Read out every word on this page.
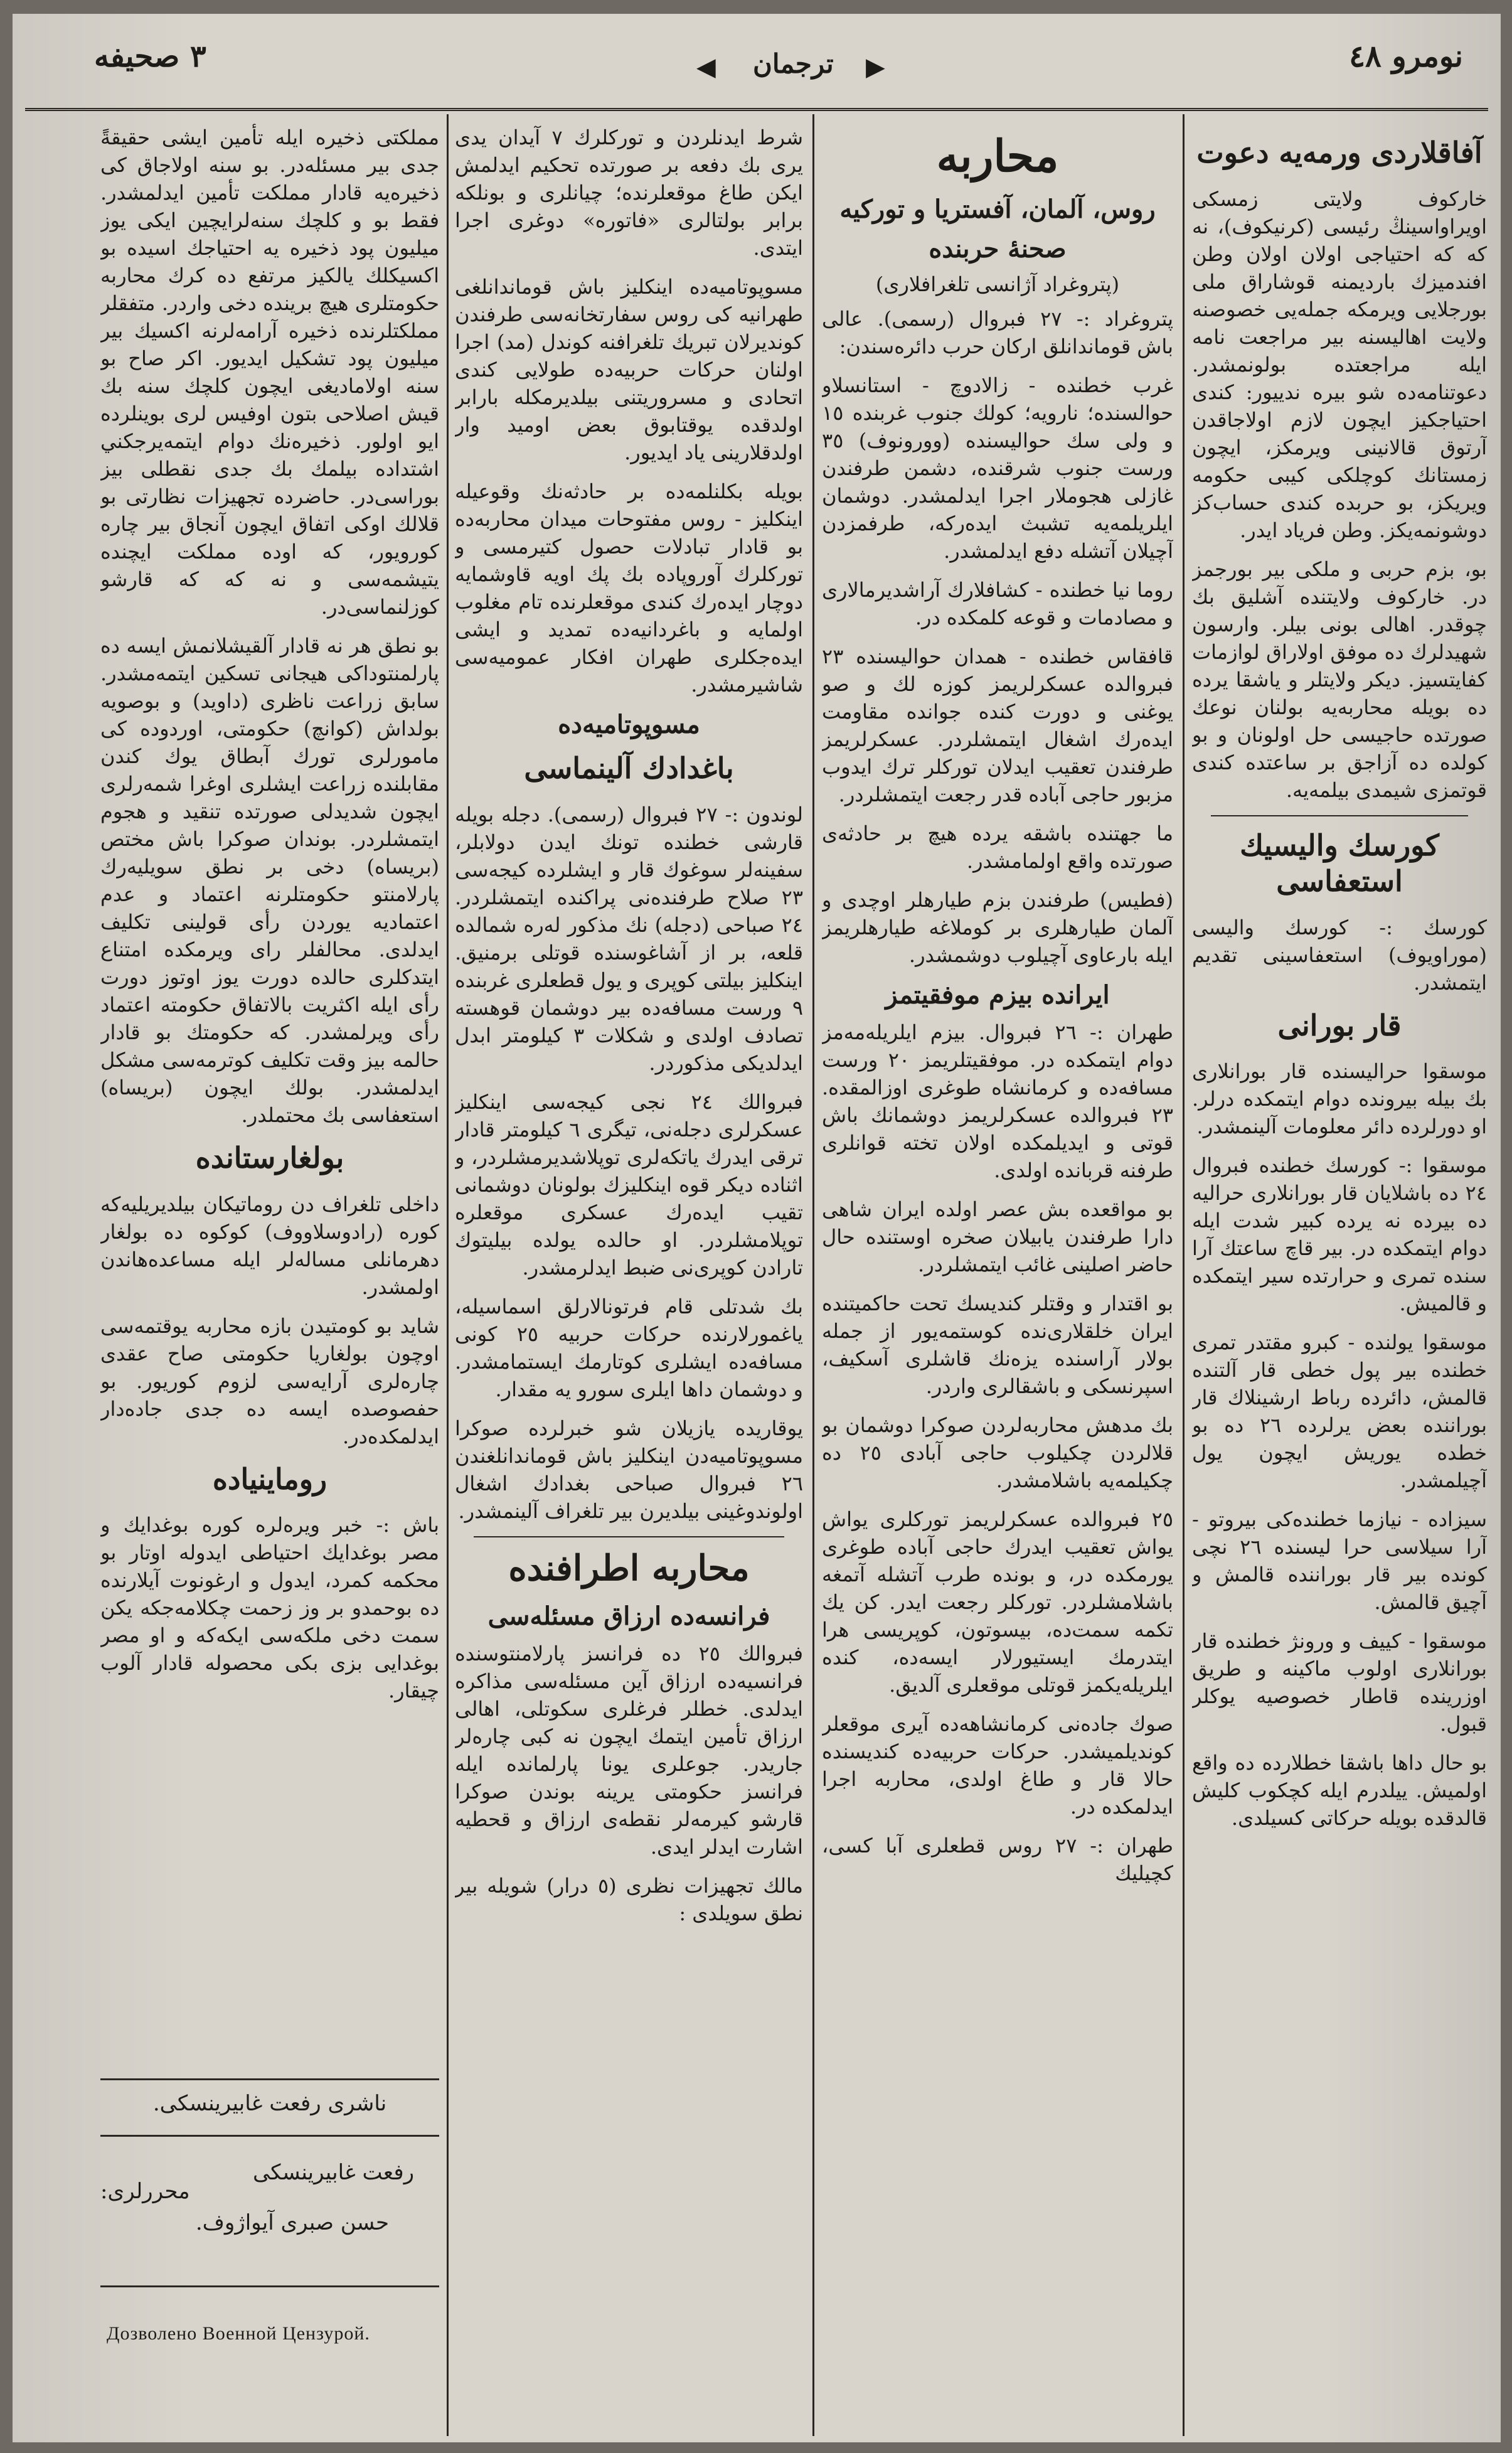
٣ صحيفه	◀ ترجمان ▶	نومرو ٤٨
آفاقلاردى ورمه‌يه دعوت
خاركوف ولايتى زمسكى اويراواسينڭ رئيسى (كرنيكوف)، نه كه كه احتياجى اولان اولان وطن افندميزك بارديمنه قوشاراق ملى بورجلايى ويرمكه جمله‌يى خصوصنه ولايت اهاليسنه بير مراجعت نامه ايله مراجعتده بولونمشدر. دعوتنامه‌ده شو بيره ندييور: كندى احتياجكيز ايچون لازم اولاجاقدن آرتوق قالانينى ويرمكز، ايچون زمستانك كوچلكى كيبى حكومه ويريكز، بو حربده كندى حساب‌كز دوشونمه‌يكز. وطن فرياد ايدر.
بو، بزم حربى و ملكى بير بورجمز در. خاركوف ولايتنده آشليق بك چوقدر. اهالى بونى بيلر. وارسون شهيدلرك ده موفق اولاراق لوازمات كفايتسيز. ديكر ولايتلر و ياشقا يرده ده بويله محاربه‌يه بولنان نوعك صورتده حاجيسى حل اولونان و بو كولده ده آزاجق بر ساعتده كندى قوتمزى شيمدى بيلمه‌يه.
كورسك واليسيك استعفاسى
كورسك :- كورسك واليسى (موراويوف) استعفاسينى تقديم ايتمشدر.
قار بورانى
موسقوا حراليسنده قار بورانلارى بك بيله بيرونده دوام ايتمكده درلر. او دورلرده دائر معلومات آلينمشدر.
موسقوا :- كورسك خطنده فبروال ٢٤ ده باشلايان قار بورانلارى حراليه ده بيرده نه يرده كبير شدت ايله دوام ايتمكده در. بير قاچ ساعتك آرا سنده تمرى و حرارتده سير ايتمكده و قالميش.
موسقوا يولنده - كبرو مقتدر تمرى خطنده بير پول خطى قار آلتنده قالمش، دائرده رباط ارشينلاك قار بوراننده بعض يرلرده ٢٦ ده بو خطده يوريش ايچون يول آچيلمشدر.
سيزاده - نيازما خطنده‌كى بيروتو - آرا سيلاسى حرا ليسنده ٢٦ نچى كونده بير قار بوراننده قالمش و آچيق قالمش.
موسقوا - كييف و ورونژ خطنده قار بورانلارى اولوب ماكينه و طريق اوزرينده قاطار خصوصيه يوكلر قبول.
بو حال داها باشقا خطلارده ده واقع اولميش. ييلدرم ايله كچكوب كليش قالدقده بويله حركاتى كسيلدى.
محاربه
روس، آلمان، آفستريا و توركيه
صحنهٔ حربنده
(پتروغراد آژانسى تلغرافلارى)
پتروغراد :- ٢٧ فبروال (رسمى). عالى باش قوماندانلق اركان حرب دائره‌سندن:
غرب خطنده - زالادوچ - استانسلاو حوالسنده؛ نارويه؛ كولك جنوب غربنده ١٥ و ولى سك حواليسنده (وورونوف) ٣٥ ورست جنوب شرقنده، دشمن طرفندن غازلى هجوملار اجرا ايدلمشدر. دوشمان ايلريلمه‌يه تشبث ايده‌ركه، طرفمزدن آچيلان آتشله دفع ايدلمشدر.
روما نيا خطنده - كشافلارك آراشديرمالارى و مصادمات و قوعه كلمكده در.
قافقاس خطنده - همدان حواليسنده ٢٣ فبروالده عسكرلريمز كوزه لك و صو يوغنى و دورت كنده جوانده مقاومت ايده‌رك اشغال ايتمشلردر. عسكرلريمز طرفندن تعقيب ايدلان توركلر ترك ايدوب مزبور حاجى آباده قدر رجعت ايتمشلردر.
ما جهتنده باشقه يرده هيچ بر حادثه‌ى صورتده واقع اولمامشدر.
(فطيس) طرفندن بزم طيارهلر اوچدى و آلمان طيارهلرى بر كوملاغه طيارهلريمز ايله بارعاوى آچيلوب دوشمشدر.
ايرانده بيزم موفقيتمز
طهران :- ٢٦ فبروال. بيزم ايلريله‌مه‌مز دوام ايتمكده در. موفقيتلريمز ٢٠ ورست مسافه‌ده و كرمانشاه طوغرى اوزالمقده. ٢٣ فبروالده عسكرلريمز دوشمانك باش قوتى و ايديلمكده اولان تخته قوانلرى طرفنه قربانده اولدى.
بو مواقعده بش عصر اولده ايران شاهى دارا طرفندن يابيلان صخره اوستنده حال حاضر اصلينى غائب ايتمشلردر.
بو اقتدار و وقتلر كنديسك تحت حاكميتنده ايران خلقلارى‌نده كوستمه‌يور از جمله بولار آراسنده يزه‌نك قاشلرى آسكيف، اسپرنسكى و باشقالرى واردر.
بك مدهش محاربه‌لردن صوكرا دوشمان بو قلالردن چكيلوب حاجى آبادى ٢٥ ده چكيلمه‌يه باشلامشدر.
٢٥ فبروالده عسكرلريمز توركلرى يواش يواش تعقيب ايدرك حاجى آباده طوغرى يورمكده در، و بونده طرب آتشله آتمغه باشلامشلردر. توركلر رجعت ايدر. كن يك تكمه سمت‌ده، بيسوتون، كوپريسى هرا ايتدرمك ايستيورلار ايسه‌ده، كنده ايلريله‌يكمز قوتلى موقعلرى آلديق.
صوك جاده‌نى كرمانشاهه‌ده آيرى موقعلر كونديلميشدر. حركات حربيه‌ده كنديسنده حالا قار و طاغ اولدى، محاربه اجرا ايدلمكده در.
طهران :- ٢٧ روس قطعلرى آبا كسى، كچيليك
شرط ايدنلردن و توركلرك ٧ آيدان يدى يرى بك دفعه بر صورتده تحكيم ايدلمش ايكن طاغ موقعلرنده؛ چيانلرى و بونلكه برابر بولتالرى «فاتوره» دوغرى اجرا ايتدى.
مسوپوتاميه‌ده اينكليز باش قوماندانلغى طهرانيه كى روس سفارتخانه‌سى طرفندن كونديرلان تبريك تلغرافنه كوندل (مد) اجرا اولنان حركات حربيه‌ده طولايى كندى اتحادى و مسروريتنى بيلديرمكله بارابر اولدقده يوقتابوق بعض اوميد وار اولدقلارينى ياد ايديور.
بويله بكلنلمه‌ده بر حادثه‌نك وقوعيله اينكليز - روس مفتوحات ميدان محاربه‌ده بو قادار تبادلات حصول كتيرمسى و توركلرك آوروپاده بك پك اويه قاوشمايه دوچار ايده‌رك كندى موقعلرنده تام مغلوب اولمايه و باغردانيه‌ده تمديد و ايشى ايده‌جكلرى طهران افكار عموميه‌سى شاشيرمشدر.
مسوپوتاميه‌ده
باغدادك آلينماسى
لوندون :- ٢٧ فبروال (رسمى). دجله بويله قارشى خطنده تونك ايدن دولابلر، سفينه‌لر سوغوك قار و ايشلرده كيجه‌سى ٢٣ صلاح طرفنده‌نى پراكنده ايتمشلردر. ٢٤ صباحى (دجله) نك مذكور له‌ره شمالده قلعه، بر از آشاغوسنده قوتلى برمنيق. اينكليز بيلتى كوپرى و يول قطعلرى غربنده ٩ ورست مسافه‌ده بير دوشمان قوهسته تصادف اولدى و شكلات ٣ كيلومتر ابدل ايدلديكى مذكوردر.
فبروالك ٢٤ نجى كيجه‌سى اينكليز عسكرلرى دجله‌نى، تيگرى ٦ كيلومتر قادار ترقى ايدرك ياتكه‌لرى توپلاشديرمشلردر، و اثناده ديكر قوه اينكليزك بولونان دوشمانى تقيب ايده‌رك عسكرى موقعلره توپلامشلردر. او حالده يولده بيليتوك تارادن كوپرى‌نى ضبط ايدلرمشدر.
بك شدتلى قام فرتونالارلق اسماسيله، ياغمورلارنده حركات حربيه ٢٥ كونى مسافه‌ده ايشلرى كوتارمك ايستمامشدر. و دوشمان داها ايلرى سورو يه مقدار.
يوقاريده يازيلان شو خبرلرده صوكرا مسوپوتاميه‌دن اينكليز باش قوماندانلغندن ٢٦ فبروال صباحى بغدادك اشغال اولوندوغينى بيلديرن بير تلغراف آلينمشدر.
محاربه اطرافنده
فرانسه‌ده ارزاق مسئله‌سى
فبروالك ٢٥ ده فرانسز پارلامنتوسنده فرانسيه‌ده ارزاق آين مسئله‌سى مذاكره ايدلدى. خطلر فرغلرى سكوتلى، اهالى ارزاق تأمين ايتمك ايچون نه كبى چاره‌لر جاريدر. جوعلرى يونا پارلمانده ايله فرانسز حكومتى يرينه بوندن صوكرا قارشو كيرمه‌لر نقطه‌ى ارزاق و قحطيه اشارت ايدلر ايدى.
مالك تجهيزات نظرى (٥ درار) شويله بير نطق سويلدى :
مملكتى ذخيره ايله تأمين ايشى حقيقةً جدى بير مسئله‌در. بو سنه اولاجاق كى ذخيره‌يه قادار مملكت تأمين ايدلمشدر. فقط بو و كلچك سنه‌لرايچين ايكى يوز ميليون پود ذخيره يه احتياجك اسيده بو اكسيكلك يالكيز مرتفع ده كرك محاربه حكومتلرى هيچ برينده دخى واردر. متفقلر مملكتلرنده ذخيره آرامه‌لرنه اكسيك بير ميليون پود تشكيل ايديور. اكر صاح بو سنه اولاماديغى ايچون كلچك سنه بك قيش اصلاحى بتون اوفيس لرى بوينلرده ايو اولور. ذخيره‌نك دوام ايتمه‌يرجكني اشتداده بيلمك بك جدى نقطلى بيز بوراسى‌در. حاضرده تجهيزات نظارتى بو قلالك اوكى اتفاق ايچون آنجاق بير چاره كورويور، كه اوده مملكت ايچنده يتيشمه‌سى و نه كه كه قارشو كوزلنماسى‌در.
بو نطق هر نه قادار آلقيشلانمش ايسه ده پارلمنتوداكى هيجانى تسكين ايتمه‌مشدر. سابق زراعت ناظرى (داويد) و بوصويه بولداش (كوانچ) حكومتى، اوردوده كى مامورلرى تورك آبطاق يوك كندن مقابلنده زراعت ايشلرى اوغرا شمه‌رلرى ايچون شديدلى صورتده تنقيد و هجوم ايتمشلردر. بوندان صوكرا باش مختص (بريساه) دخى بر نطق سويليه‌رك پارلامنتو حكومتلرنه اعتماد و عدم اعتماديه يوردن رأى قولينى تكليف ايدلدى. محالفلر راى ويرمكده امتناع ايتدكلرى حالده دورت يوز اوتوز دورت رأى ايله اكثريت بالاتفاق حكومته اعتماد رأى ويرلمشدر. كه حكومتك بو قادار حالمه بيز وقت تكليف كوترمه‌سى مشكل ايدلمشدر. بولك ايچون (بريساه) استعفاسى بك محتملدر.
بولغارستانده
داخلى تلغراف دن روماتيكان بيلديريليه‌كه كوره (رادوسلاووف) كوكوه ده بولغار دهرمانلى مساله‌لر ايله مساعده‌ها‌ندن اولمشدر.
شايد بو كومتيدن بازه محاربه يوقتمه‌سى اوچون بولغاريا حكومتى صاح عقدى چاره‌لرى آرايه‌سى لزوم كوريور. بو حفصوصده ايسه ده جدى جاده‌دار ايدلمكده‌در.
روماينياده
باش :- خبر ويره‌لره كوره بوغدايك و مصر بوغدايك احتياطى ايدوله اوتار بو محكمه كمرد، ايدول و ارغونوت آيلارنده ده بوحمدو بر وز زحمت چكلامه‌جكه يكن سمت دخى ملكه‌سى ايكه‌كه و او مصر بوغدايى بزى بكى محصوله قادار آلوب چيقار.
ناشرى رفعت غابيرينسكى.
رفعت غابيرينسكى
محررلرى:
حسن صبرى آيواژوف.
Дозволено Военной Цензурой.
